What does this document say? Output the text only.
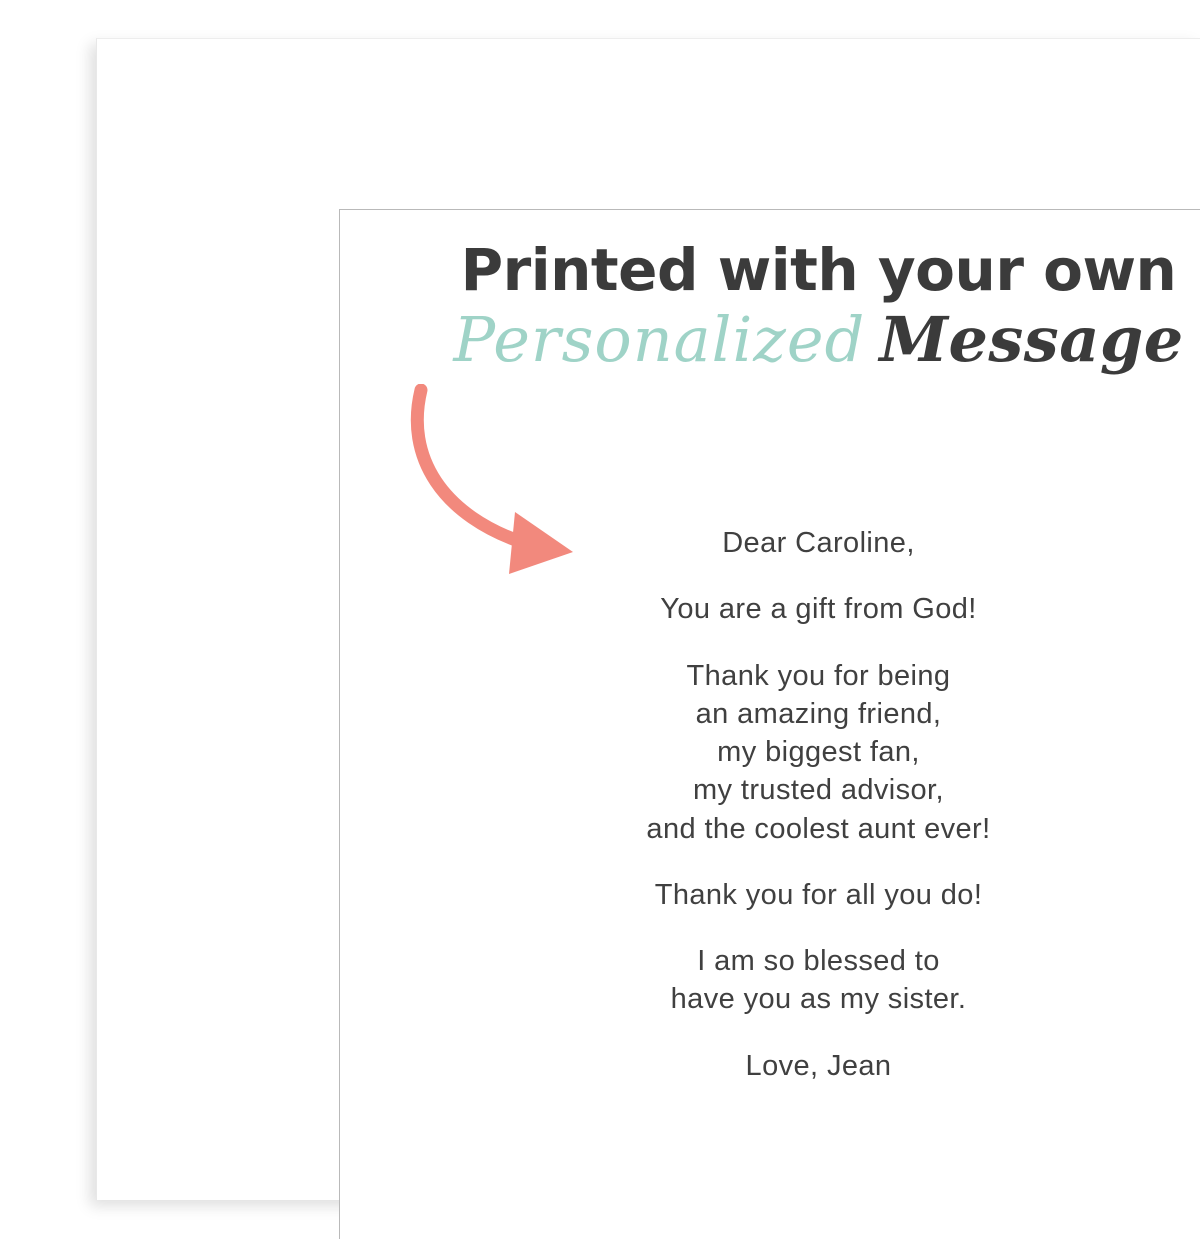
Printed with your own
Personalized Message

Dear Caroline,

You are a gift from God!

Thank you for being
an amazing friend,
my biggest fan,
my trusted advisor,
and the coolest aunt ever!

Thank you for all you do!

I am so blessed to
have you as my sister.

Love, Jean
